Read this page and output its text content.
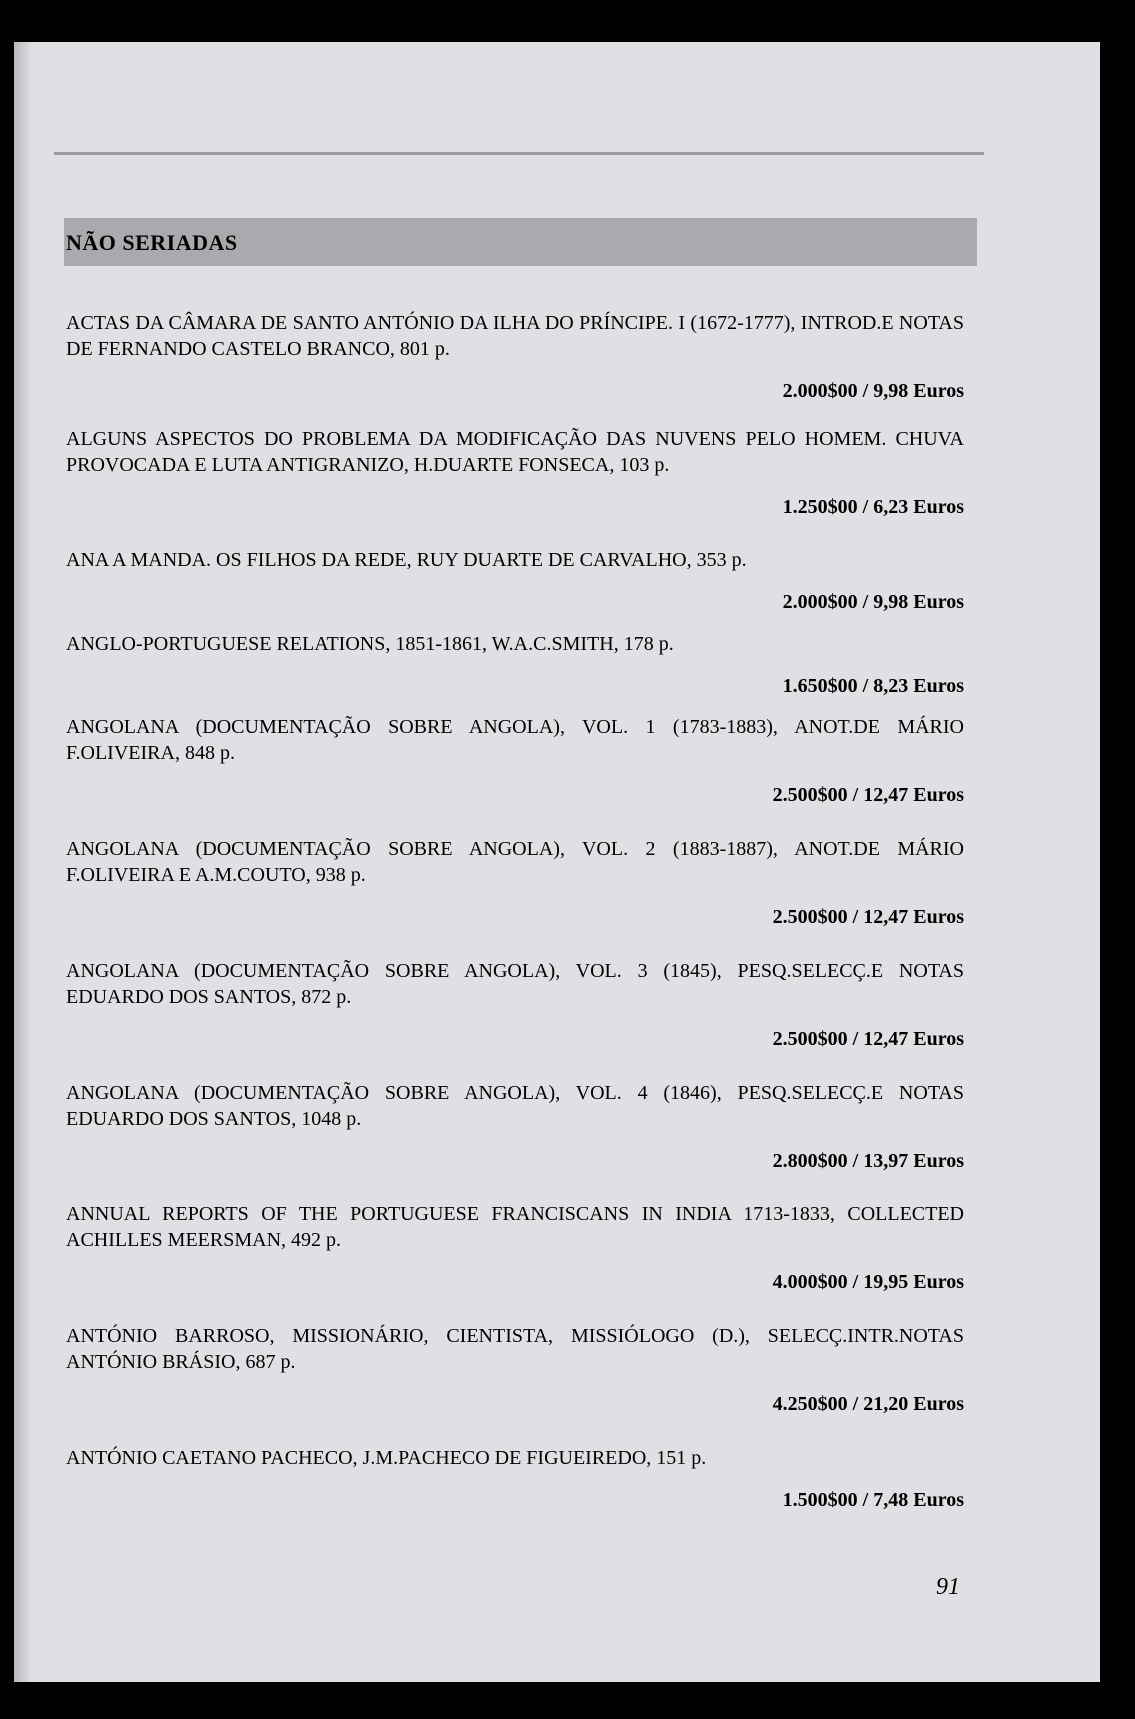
NÃO SERIADAS
ACTAS DA CÂMARA DE SANTO ANTÓNIO DA ILHA DO PRÍNCIPE. I (1672-1777), INTROD.E NOTAS DE FERNANDO CASTELO BRANCO, 801 p.
2.000$00 / 9,98 Euros
ALGUNS ASPECTOS DO PROBLEMA DA MODIFICAÇÃO DAS NUVENS PELO HOMEM. CHUVA PROVOCADA E LUTA ANTIGRANIZO, H.DUARTE FONSECA, 103 p.
1.250$00 / 6,23 Euros
ANA A MANDA. OS FILHOS DA REDE, RUY DUARTE DE CARVALHO, 353 p.
2.000$00 / 9,98 Euros
ANGLO-PORTUGUESE RELATIONS, 1851-1861, W.A.C.SMITH, 178 p.
1.650$00 / 8,23 Euros
ANGOLANA (DOCUMENTAÇÃO SOBRE ANGOLA), VOL. 1 (1783-1883), ANOT.DE MÁRIO F.OLIVEIRA, 848 p.
2.500$00 / 12,47 Euros
ANGOLANA (DOCUMENTAÇÃO SOBRE ANGOLA), VOL. 2 (1883-1887), ANOT.DE MÁRIO F.OLIVEIRA E A.M.COUTO, 938 p.
2.500$00 / 12,47 Euros
ANGOLANA (DOCUMENTAÇÃO SOBRE ANGOLA), VOL. 3 (1845), PESQ.SELECÇ.E NOTAS EDUARDO DOS SANTOS, 872 p.
2.500$00 / 12,47 Euros
ANGOLANA (DOCUMENTAÇÃO SOBRE ANGOLA), VOL. 4 (1846), PESQ.SELECÇ.E NOTAS EDUARDO DOS SANTOS, 1048 p.
2.800$00 / 13,97 Euros
ANNUAL REPORTS OF THE PORTUGUESE FRANCISCANS IN INDIA 1713-1833, COLLECTED ACHILLES MEERSMAN, 492 p.
4.000$00 / 19,95 Euros
ANTÓNIO BARROSO, MISSIONÁRIO, CIENTISTA, MISSIÓLOGO (D.), SELECÇ.INTR.NOTAS ANTÓNIO BRÁSIO, 687 p.
4.250$00 / 21,20 Euros
ANTÓNIO CAETANO PACHECO, J.M.PACHECO DE FIGUEIREDO, 151 p.
1.500$00 / 7,48 Euros
91
